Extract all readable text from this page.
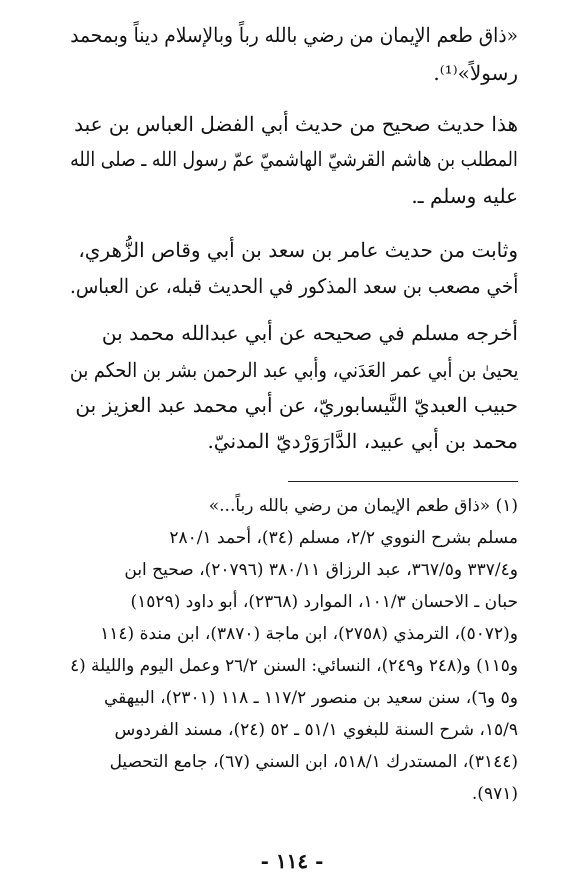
«ذاق طعم الإيمان من رضي بالله رباً وبالإسلام ديناً وبمحمد
رسولاً»⁽¹⁾.
هذا حديث صحيح من حديث أبي الفضل العباس بن عبد
المطلب بن هاشم القرشيّ الهاشميّ عمّ رسول الله ـ صلى الله
عليه وسلم ـ.
وثابت من حديث عامر بن سعد بن أبي وقاص الزُّهري،
أخي مصعب بن سعد المذكور في الحديث قبله، عن العباس.
أخرجه مسلم في صحيحه عن أبي عبدالله محمد بن
يحيىٰ بن أبي عمر العَدَني، وأبي عبد الرحمن بشر بن الحكم بن
حبيب العبديّ النَّيسابوريّ، عن أبي محمد عبد العزيز بن
محمد بن أبي عبيد، الدَّارَوَرْديّ المدنيّ.
(١) «ذاق طعم الإيمان من رضي بالله رباً...»
مسلم بشرح النووي ٢/٢، مسلم (٣٤)، أحمد ٢٨٠/١
و٣٣٧/٤ و٣٦٧/٥، عبد الرزاق ٣٨٠/١١ (٢٠٧٩٦)، صحيح ابن
حبان ـ الاحسان ١٠١/٣، الموارد (٢٣٦٨)، أبو داود (١٥٢٩)
و(٥٠٧٢)، الترمذي (٢٧٥٨)، ابن ماجة (٣٨٧٠)، ابن مندة (١١٤
و١١٥) و(٢٤٨ و٢٤٩)، النسائي: السنن ٢٦/٢ وعمل اليوم والليلة (٤
و٥ و٦)، سنن سعيد بن منصور ١١٧/٢ ـ ١١٨ (٢٣٠١)، البيهقي
١٥/٩، شرح السنة للبغوي ٥١/١ ـ ٥٢ (٢٤)، مسند الفردوس
(٣١٤٤)، المستدرك ٥١٨/١، ابن السني (٦٧)، جامع التحصيل
(٩٧١).
- ١١٤ -
